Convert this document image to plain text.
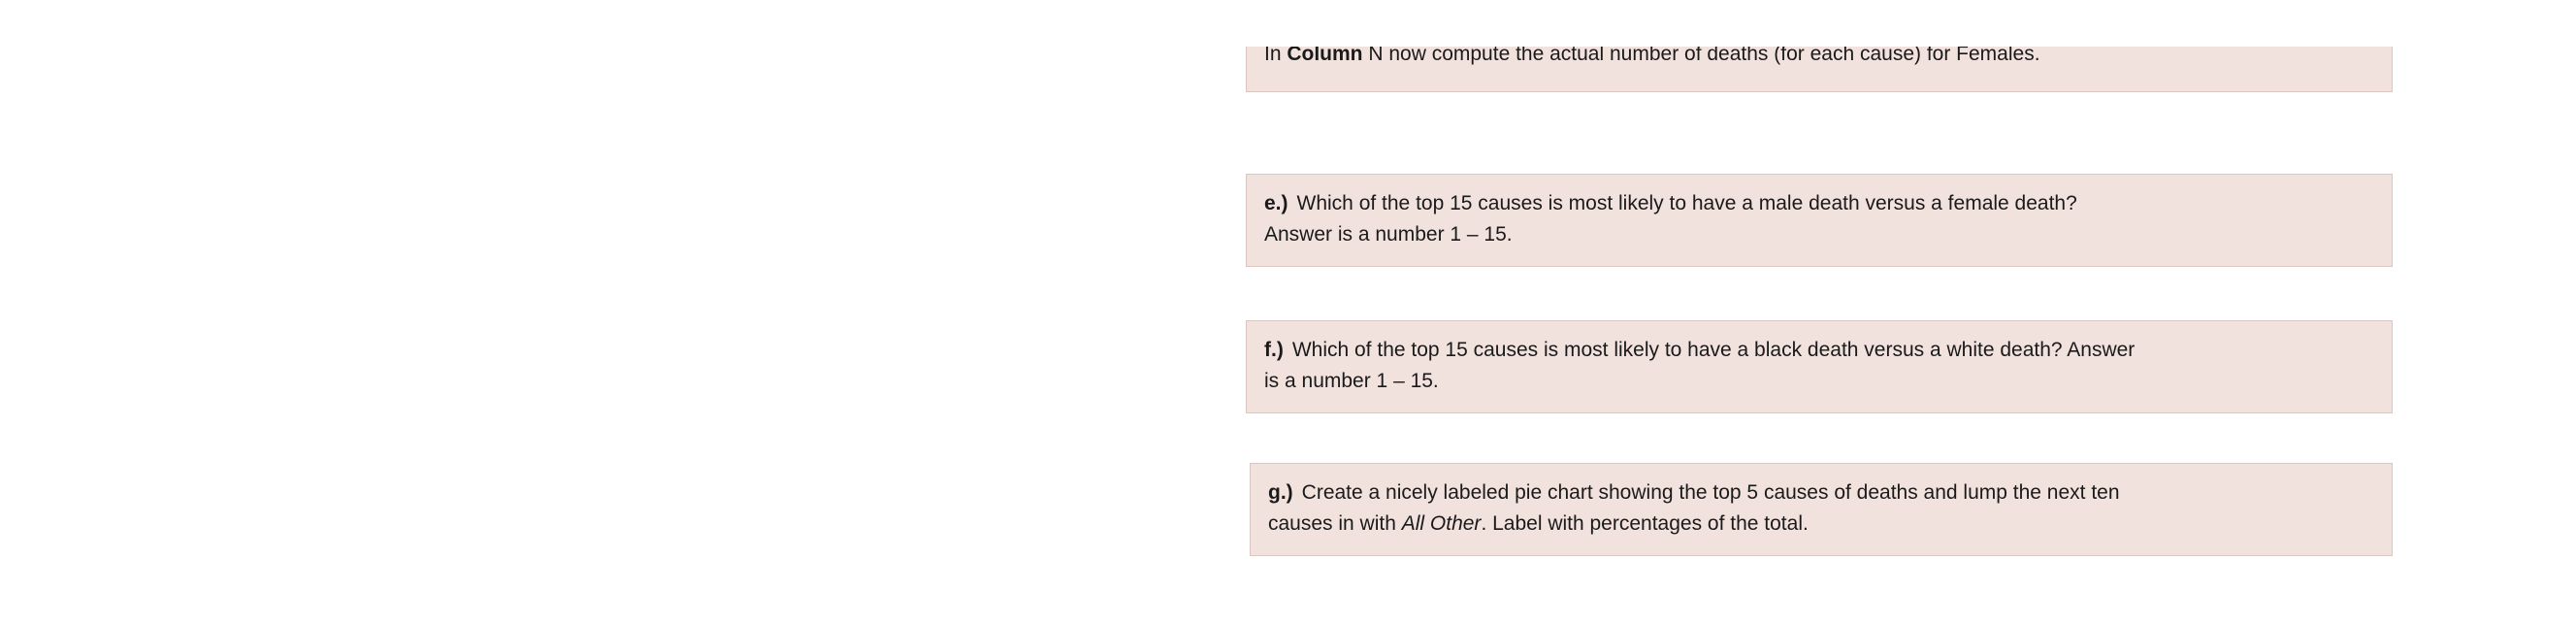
In Column N now compute the actual number of deaths (for each cause) for Females.
e.) Which of the top 15 causes is most likely to have a male death versus a female death?
Answer is a number 1 – 15.
f.) Which of the top 15 causes is most likely to have a black death versus a white death? Answer
is a number 1 – 15.
g.) Create a nicely labeled pie chart showing the top 5 causes of deaths and lump the next ten
causes in with All Other. Label with percentages of the total.
